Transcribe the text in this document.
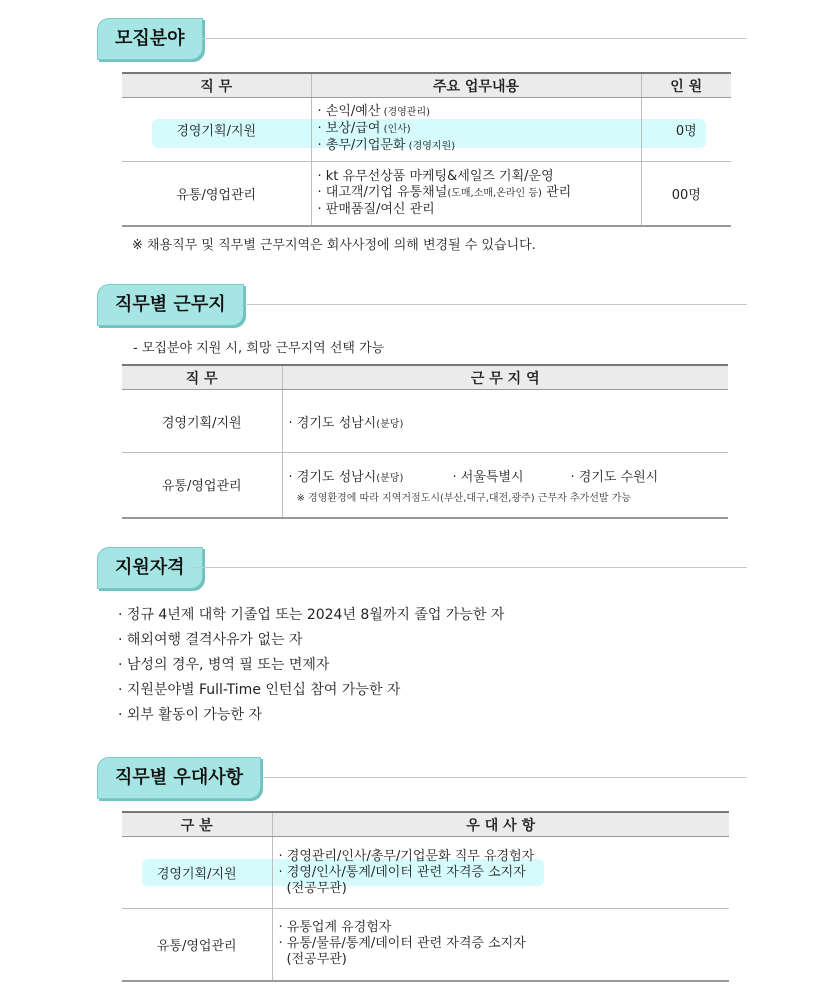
모집분야
직 무	주요 업무내용	인 원
경영기획/지원	· 손익/예산 (경영관리)
· 보상/급여 (인사)
· 총무/기업문화 (경영지원)	0명
유통/영업관리	· kt 유무선상품 마케팅&세일즈 기획/운영
· 대고객/기업 유통채널(도매,소매,온라인 등) 관리
· 판매품질/여신 관리	00명
※ 채용직무 및 직무별 근무지역은 회사사정에 의해 변경될 수 있습니다.
직무별 근무지
- 모집분야 지원 시, 희망 근무지역 선택 가능
직 무	근 무 지 역
경영기획/지원	· 경기도 성남시(분당)

유통/영업관리	· 경기도 성남시(분당) · 서울특별시 · 경기도 수원시
※ 경영환경에 따라 지역거점도시(부산,대구,대전,광주) 근무자 추가선발 가능
지원자격
· 정규 4년제 대학 기졸업 또는 2024년 8월까지 졸업 가능한 자
· 해외여행 결격사유가 없는 자
· 남성의 경우, 병역 필 또는 면제자
· 지원분야별 Full-Time 인턴십 참여 가능한 자
· 외부 활동이 가능한 자
직무별 우대사항
구 분	우 대 사 항
경영기획/지원	· 경영관리/인사/총무/기업문화 직무 유경험자
· 경영/인사/통계/데이터 관련 자격증 소지자
(전공무관)

유통/영업관리	· 유통업계 유경험자
· 유통/물류/통계/데이터 관련 자격증 소지자
(전공무관)
